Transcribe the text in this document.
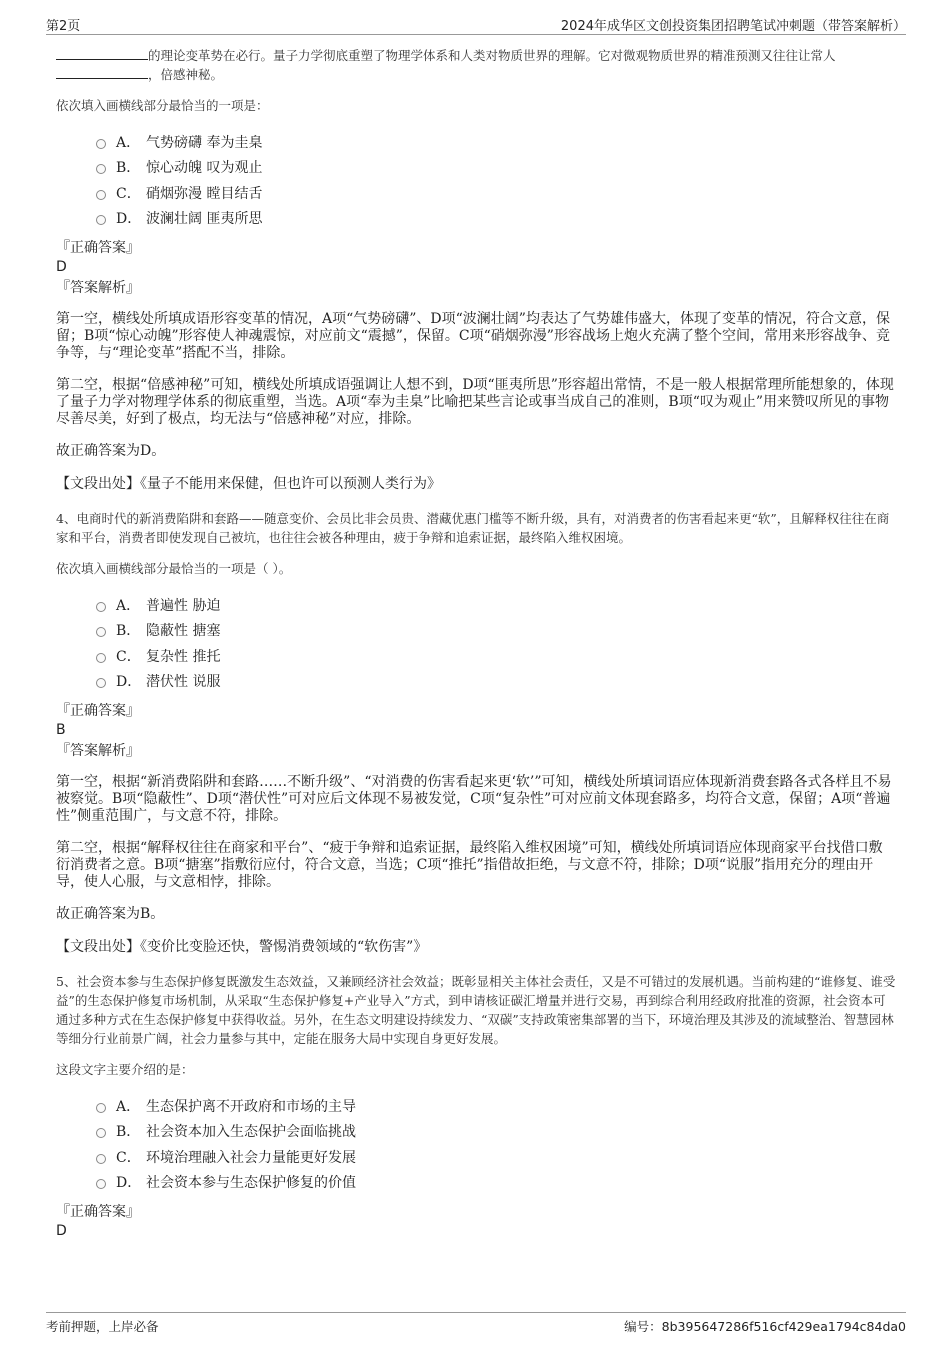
第2页	2024年成华区文创投资集团招聘笔试冲刺题（带答案解析）
的理论变革势在必行。量子力学彻底重塑了物理学体系和人类对物质世界的理解。它对微观物质世界的精准预测又往往让常人
，倍感神秘。
依次填入画横线部分最恰当的一项是：
A． 气势磅礴 奉为圭臬
B． 惊心动魄 叹为观止
C． 硝烟弥漫 瞠目结舌
D． 波澜壮阔 匪夷所思
『正确答案』
D
『答案解析』

第一空，横线处所填成语形容变革的情况，A项“气势磅礴”、D项“波澜壮阔”均表达了气势雄伟盛大，体现了变革的情况，符合文意，保留；B项“惊心动魄”形容使人神魂震惊，对应前文“震撼”，保留。C项“硝烟弥漫”形容战场上炮火充满了整个空间，常用来形容战争、竞争等，与“理论变革”搭配不当，排除。

第二空，根据“倍感神秘”可知，横线处所填成语强调让人想不到，D项“匪夷所思”形容超出常情，不是一般人根据常理所能想象的，体现了量子力学对物理学体系的彻底重塑，当选。A项“奉为圭臬”比喻把某些言论或事当成自己的准则，B项“叹为观止”用来赞叹所见的事物尽善尽美，好到了极点，均无法与“倍感神秘”对应，排除。

故正确答案为D。

【文段出处】《量子不能用来保健，但也许可以预测人类行为》

4、电商时代的新消费陷阱和套路——随意变价、会员比非会员贵、潜藏优惠门槛等不断升级，具有，对消费者的伤害看起来更“软”，且解释权往往在商家和平台，消费者即使发现自己被坑，也往往会被各种理由，疲于争辩和追索证据，最终陷入维权困境。

依次填入画横线部分最恰当的一项是（ ）。
A． 普遍性 胁迫
B． 隐蔽性 搪塞
C． 复杂性 推托
D． 潜伏性 说服
『正确答案』
B
『答案解析』

第一空，根据“新消费陷阱和套路……不断升级”、“对消费的伤害看起来更‘软’”可知，横线处所填词语应体现新消费套路各式各样且不易被察觉。B项“隐蔽性”、D项“潜伏性”可对应后文体现不易被发觉，C项“复杂性”可对应前文体现套路多，均符合文意，保留；A项“普遍性”侧重范围广，与文意不符，排除。

第二空，根据“解释权往往在商家和平台”、“疲于争辩和追索证据，最终陷入维权困境”可知，横线处所填词语应体现商家平台找借口敷衍消费者之意。B项“搪塞”指敷衍应付，符合文意，当选；C项“推托”指借故拒绝，与文意不符，排除；D项“说服”指用充分的理由开导，使人心服，与文意相悖，排除。

故正确答案为B。

【文段出处】《变价比变脸还快，警惕消费领域的“软伤害”》

5、社会资本参与生态保护修复既激发生态效益，又兼顾经济社会效益；既彰显相关主体社会责任，又是不可错过的发展机遇。当前构建的“谁修复、谁受益”的生态保护修复市场机制，从采取“生态保护修复+产业导入”方式，到申请核证碳汇增量并进行交易，再到综合利用经政府批准的资源，社会资本可通过多种方式在生态保护修复中获得收益。另外，在生态文明建设持续发力、“双碳”支持政策密集部署的当下，环境治理及其涉及的流域整治、智慧园林等细分行业前景广阔，社会力量参与其中，定能在服务大局中实现自身更好发展。

这段文字主要介绍的是：
A． 生态保护离不开政府和市场的主导
B． 社会资本加入生态保护会面临挑战
C． 环境治理融入社会力量能更好发展
D． 社会资本参与生态保护修复的价值
『正确答案』
D
考前押题，上岸必备	编号：8b395647286f516cf429ea1794c84da0
